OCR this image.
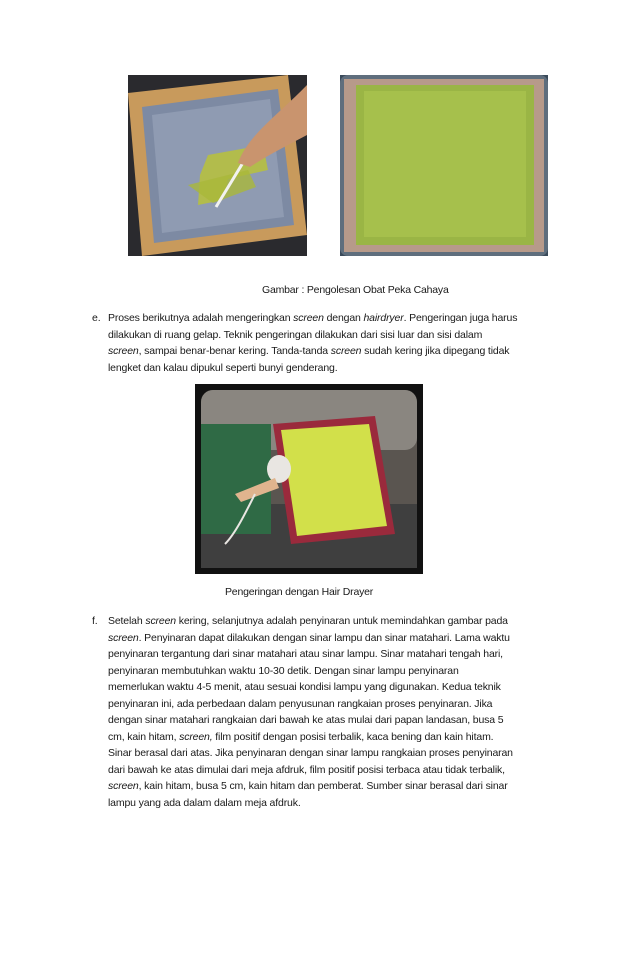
Gambar : Pengolesan Obat Peka Cahaya
e. Proses berikutnya adalah mengeringkan screen dengan hairdryer. Pengeringan juga harus
dilakukan di ruang gelap. Teknik pengeringan dilakukan dari sisi luar dan sisi dalam
screen, sampai benar-benar kering. Tanda-tanda screen sudah kering jika dipegang tidak
lengket dan kalau dipukul seperti bunyi genderang.
Pengeringan dengan Hair Drayer
f. Setelah screen kering, selanjutnya adalah penyinaran untuk memindahkan gambar pada
screen. Penyinaran dapat dilakukan dengan sinar lampu dan sinar matahari. Lama waktu
penyinaran tergantung dari sinar matahari atau sinar lampu. Sinar matahari tengah hari,
penyinaran membutuhkan waktu 10-30 detik. Dengan sinar lampu penyinaran
memerlukan waktu 4-5 menit, atau sesuai kondisi lampu yang digunakan. Kedua teknik
penyinaran ini, ada perbedaan dalam penyusunan rangkaian proses penyinaran. Jika
dengan sinar matahari rangkaian dari bawah ke atas mulai dari papan landasan, busa 5
cm, kain hitam, screen, film positif dengan posisi terbalik, kaca bening dan kain hitam.
Sinar berasal dari atas. Jika penyinaran dengan sinar lampu rangkaian proses penyinaran
dari bawah ke atas dimulai dari meja afdruk, film positif posisi terbaca atau tidak terbalik,
screen, kain hitam, busa 5 cm, kain hitam dan pemberat. Sumber sinar berasal dari sinar
lampu yang ada dalam dalam meja afdruk.
